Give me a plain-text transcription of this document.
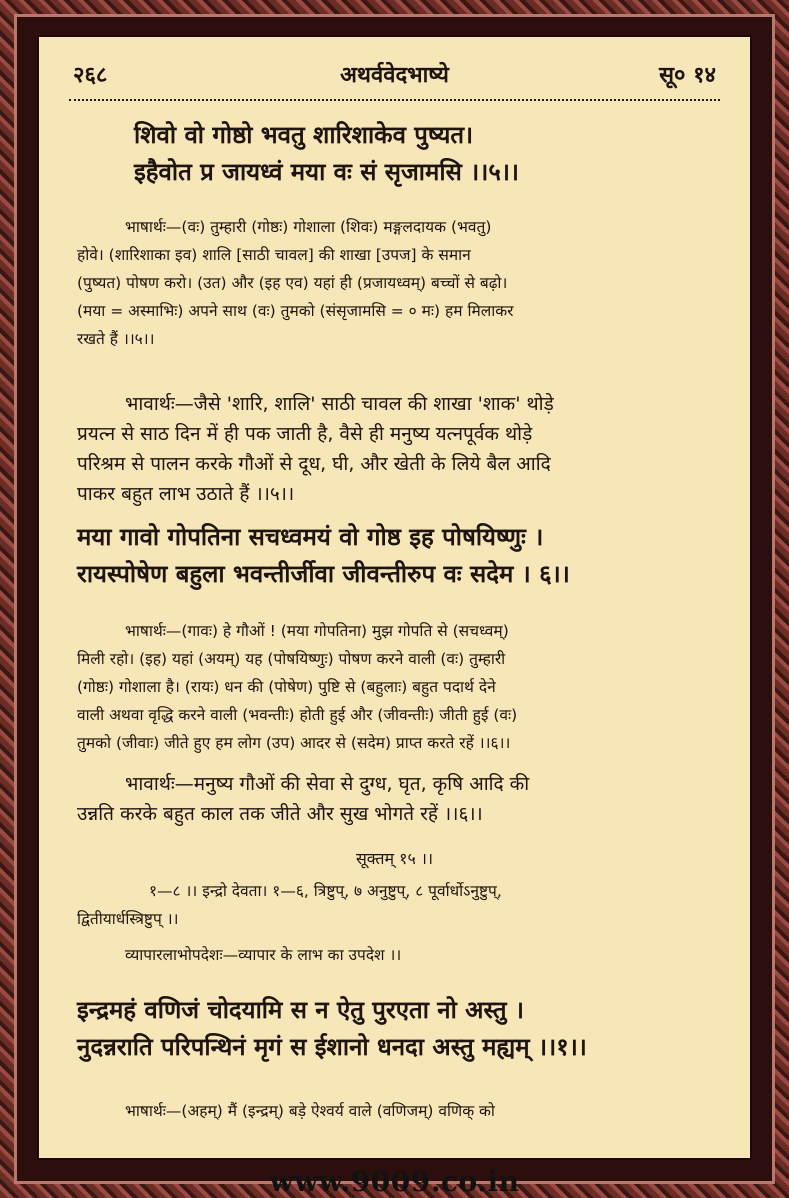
२६८	अथर्ववेदभाष्ये	सू० १४
शिवो वो गोष्ठो भवतु शारिशाकेव पुष्यत।
इहैवोत प्र जायध्वं मया वः सं सृजामसि ।।५।।
भाषार्थः—(वः) तुम्हारी (गोष्ठः) गोशाला (शिवः) मङ्गलदायक (भवतु)
होवे। (शारिशाका इव) शालि [साठी चावल] की शाखा [उपज] के समान
(पुष्यत) पोषण करो। (उत) और (इह एव) यहां ही (प्रजायध्वम्) बच्चों से बढ़ो।
(मया = अस्माभिः) अपने साथ (वः) तुमको (संसृजामसि = ० मः) हम मिलाकर
रखते हैं ।।५।।
भावार्थः—जैसे 'शारि, शालि' साठी चावल की शाखा 'शाक' थोड़े
प्रयत्न से साठ दिन में ही पक जाती है, वैसे ही मनुष्य यत्नपूर्वक थोड़े
परिश्रम से पालन करके गौओं से दूध, घी, और खेती के लिये बैल आदि
पाकर बहुत लाभ उठाते हैं ।।५।।
मया गावो गोपतिना सचध्वमयं वो गोष्ठ इह पोषयिष्णुः ।
रायस्पोषेण बहुला भवन्तीर्जीवा जीवन्तीरुप वः सदेम । ६।।
भाषार्थः—(गावः) हे गौओं ! (मया गोपतिना) मुझ गोपति से (सचध्वम्)
मिली रहो। (इह) यहां (अयम्) यह (पोषयिष्णुः) पोषण करने वाली (वः) तुम्हारी
(गोष्ठः) गोशाला है। (रायः) धन की (पोषेण) पुष्टि से (बहुलाः) बहुत पदार्थ देने
वाली अथवा वृद्धि करने वाली (भवन्तीः) होती हुई और (जीवन्तीः) जीती हुई (वः)
तुमको (जीवाः) जीते हुए हम लोग (उप) आदर से (सदेम) प्राप्त करते रहें ।।६।।
भावार्थः—मनुष्य गौओं की सेवा से दुग्ध, घृत, कृषि आदि की
उन्नति करके बहुत काल तक जीते और सुख भोगते रहें ।।६।।
सूक्तम् १५ ।।
१—८ ।। इन्द्रो देवता। १—६, त्रिष्टुप्, ७ अनुष्टुप्, ८ पूर्वार्धोऽनुष्टुप्,
द्वितीयार्धस्त्रिष्टुप् ।।
व्यापारलाभोपदेशः—व्यापार के लाभ का उपदेश ।।
इन्द्रमहं वणिजं चोदयामि स न ऐतु पुरएता नो अस्तु ।
नुदन्नराति परिपन्थिनं मृगं स ईशानो धनदा अस्तु मह्यम् ।।१।।
भाषार्थः—(अहम्) मैं (इन्द्रम्) बड़े ऐश्वर्य वाले (वणिजम्) वणिक् को
www.9009.co.in
